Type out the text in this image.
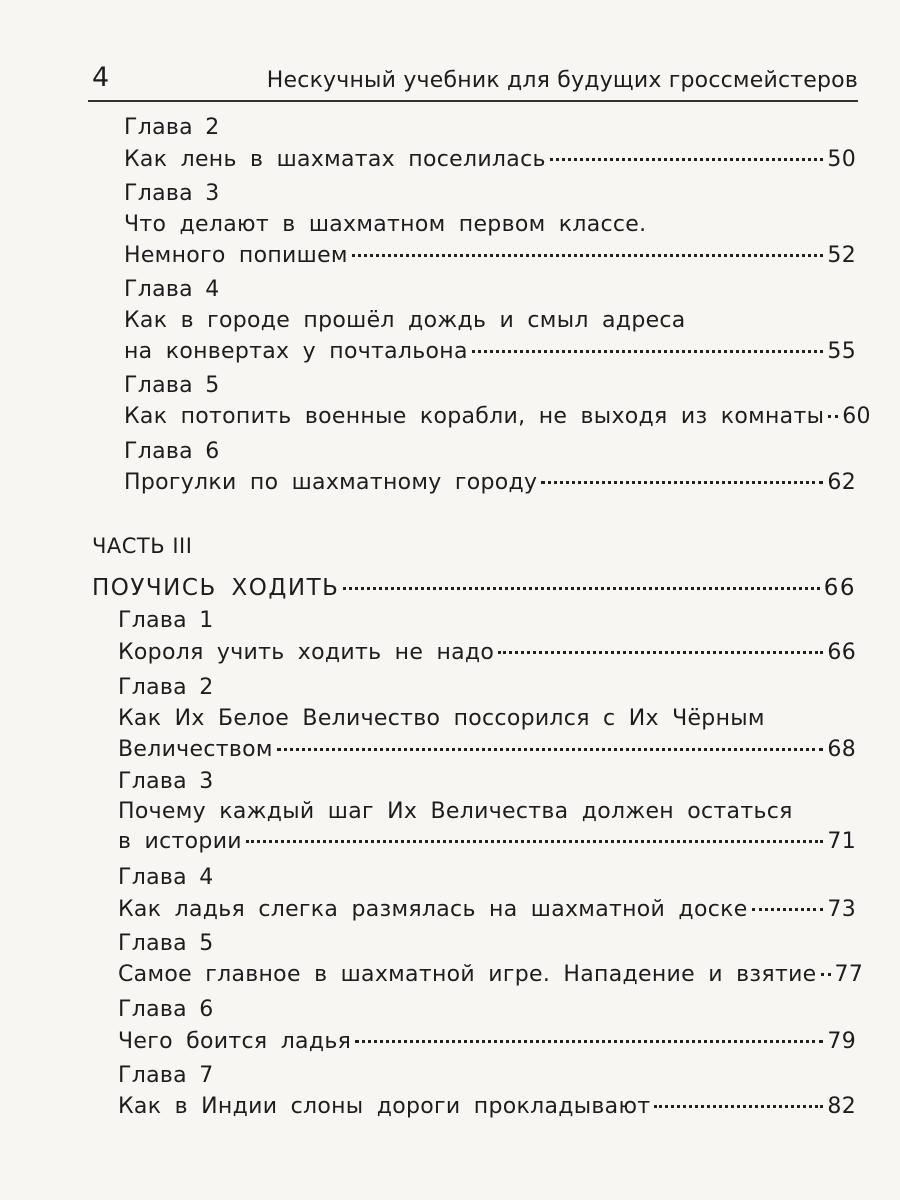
4	Нескучный учебник для будущих гроссмейстеров
Глава 2
Как лень в шахматах поселилась	50
Глава 3
Что делают в шахматном первом классе.
Немного попишем	52
Глава 4
Как в городе прошёл дождь и смыл адреса
на конвертах у почтальона	55
Глава 5
Как потопить военные корабли, не выходя из комнаты 60
Глава 6
Прогулки по шахматному городу	62
ЧАСТЬ III
ПОУЧИСЬ ХОДИТЬ	66
Глава 1
Короля учить ходить не надо	66
Глава 2
Как Их Белое Величество поссорился с Их Чёрным
Величеством	68
Глава 3
Почему каждый шаг Их Величества должен остаться
в истории	71
Глава 4
Как ладья слегка размялась на шахматной доске	73
Глава 5
Самое главное в шахматной игре. Нападение и взятие 77
Глава 6
Чего боится ладья	79
Глава 7
Как в Индии слоны дороги прокладывают	82
